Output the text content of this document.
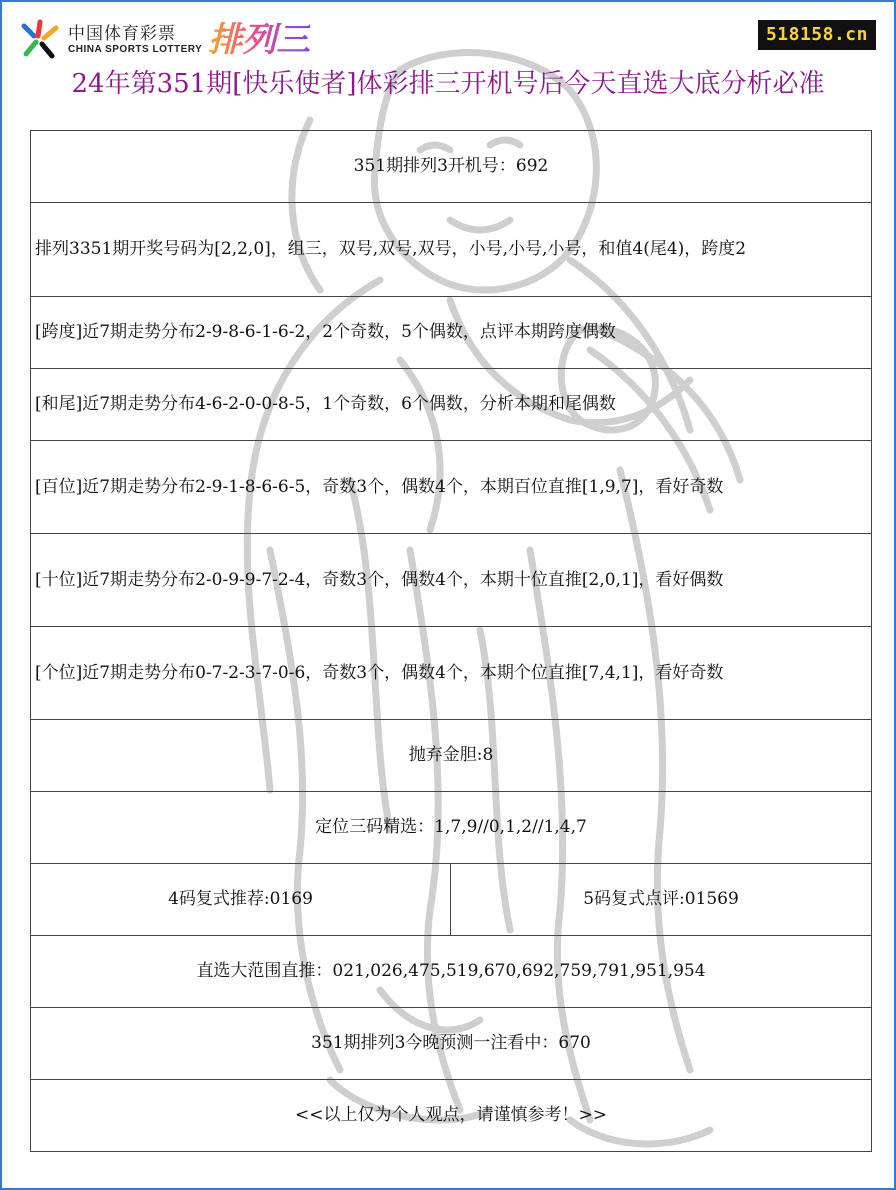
中国体育彩票
CHINA SPORTS LOTTERY 排列三	518158.cn
24年第351期[快乐使者]体彩排三开机号后今天直选大底分析必准
351期排列3开机号：692
排列3351期开奖号码为[2,2,0]，组三，双号,双号,双号，小号,小号,小号，和值4(尾4)，跨度2
[跨度]近7期走势分布2-9-8-6-1-6-2，2个奇数，5个偶数，点评本期跨度偶数
[和尾]近7期走势分布4-6-2-0-0-8-5，1个奇数，6个偶数，分析本期和尾偶数
[百位]近7期走势分布2-9-1-8-6-6-5，奇数3个，偶数4个，本期百位直推[1,9,7]，看好奇数
[十位]近7期走势分布2-0-9-9-7-2-4，奇数3个，偶数4个，本期十位直推[2,0,1]，看好偶数
[个位]近7期走势分布0-7-2-3-7-0-6，奇数3个，偶数4个，本期个位直推[7,4,1]，看好奇数
抛弃金胆:8
定位三码精选：1,7,9//0,1,2//1,4,7
4码复式推荐:0169	5码复式点评:01569
直选大范围直推：021,026,475,519,670,692,759,791,951,954
351期排列3今晚预测一注看中：670
<<以上仅为个人观点，请谨慎参考！>>
